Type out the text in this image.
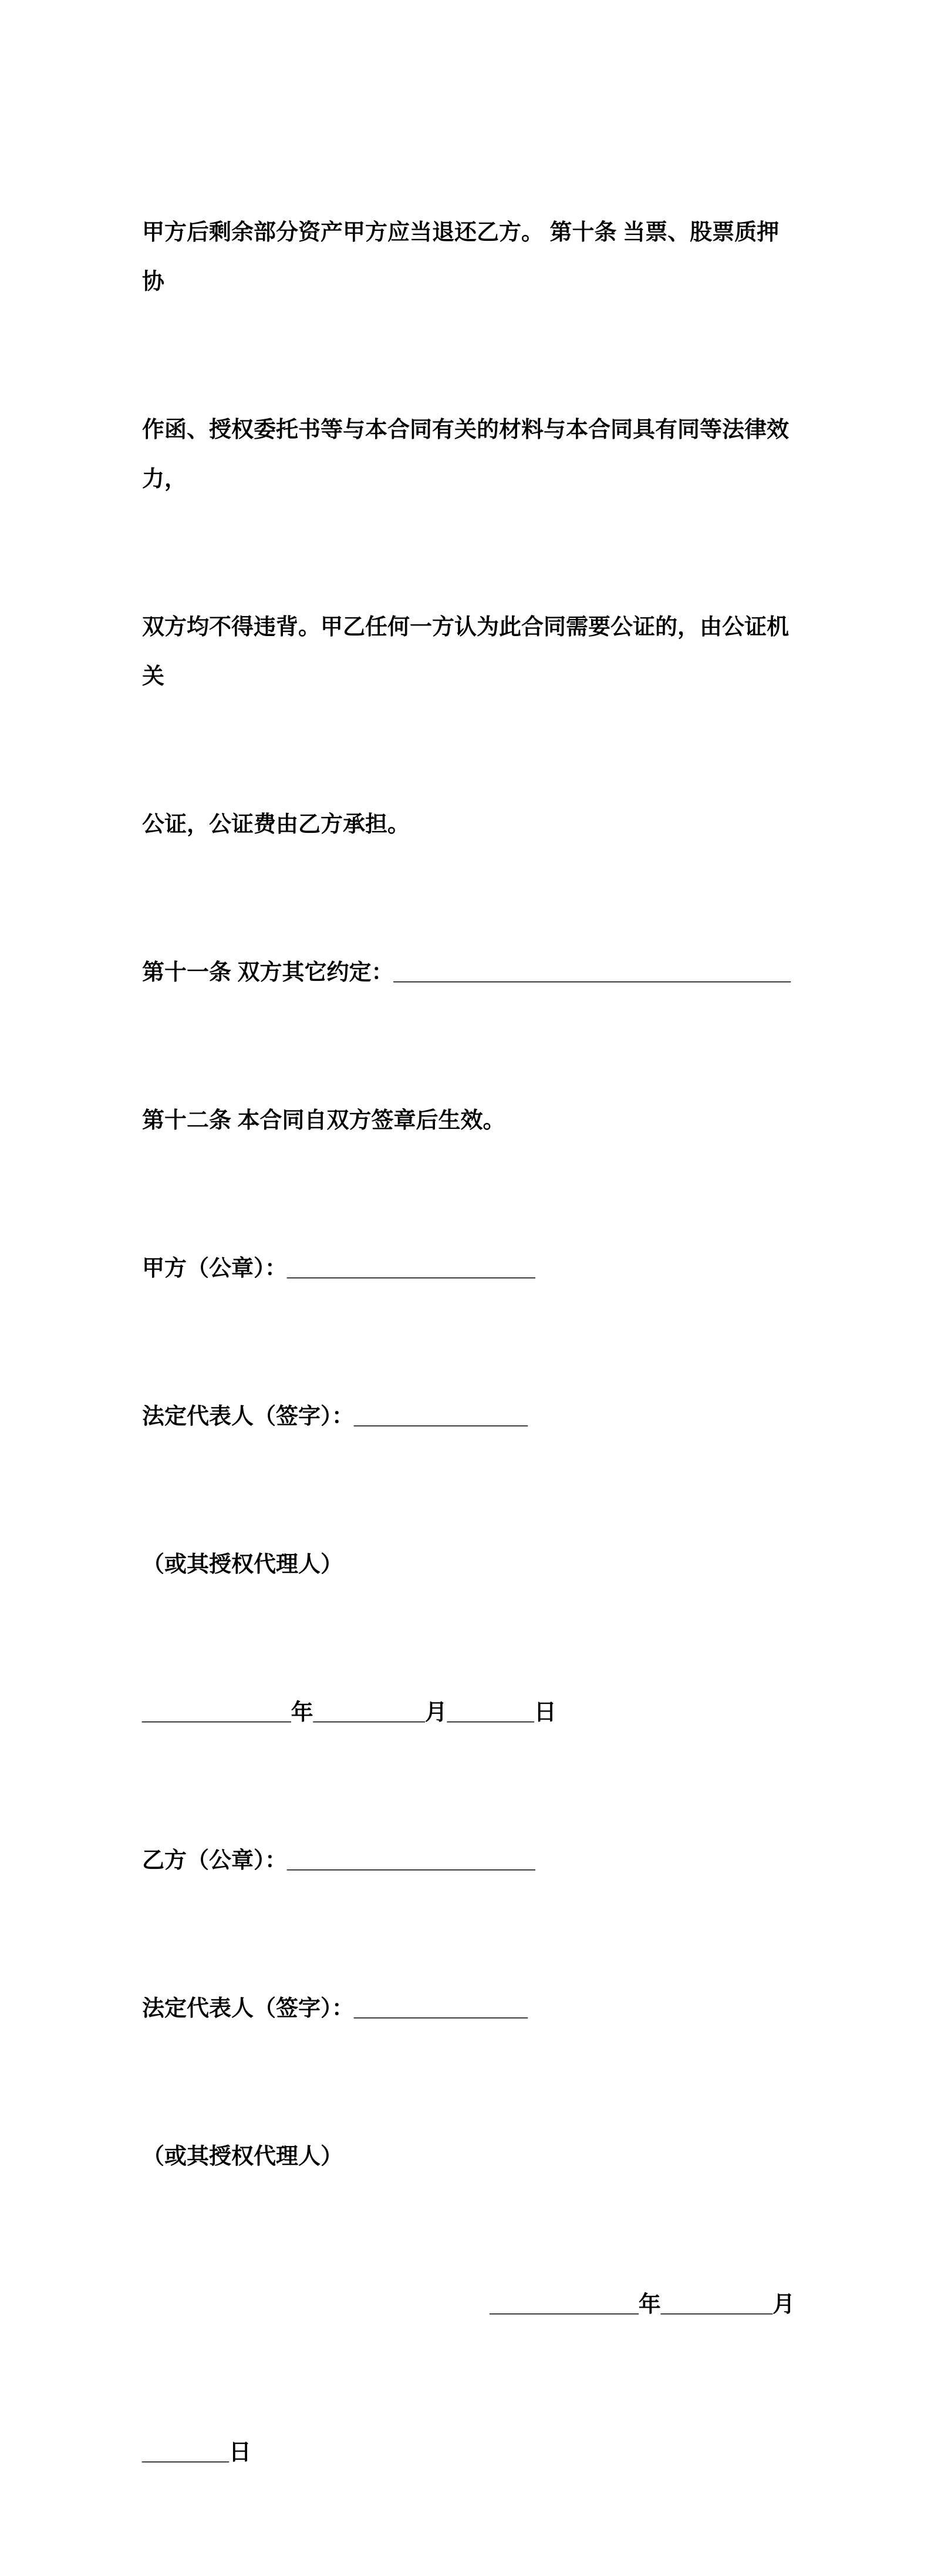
甲方后剩余部分资产甲方应当退还乙方。 第十条 当票、股票质押协

作函、授权委托书等与本合同有关的材料与本合同具有同等法律效力，

双方均不得违背。甲乙任何一方认为此合同需要公证的，由公证机关

公证，公证费由乙方承担。

第十一条 双方其它约定：________________________________

第十二条 本合同自双方签章后生效。

甲方（公章）：____________________

法定代表人（签字）：______________

（或其授权代理人）

____________年_________月_______日

乙方（公章）：____________________

法定代表人（签字）：______________

（或其授权代理人）

____________年_________月

_______日
